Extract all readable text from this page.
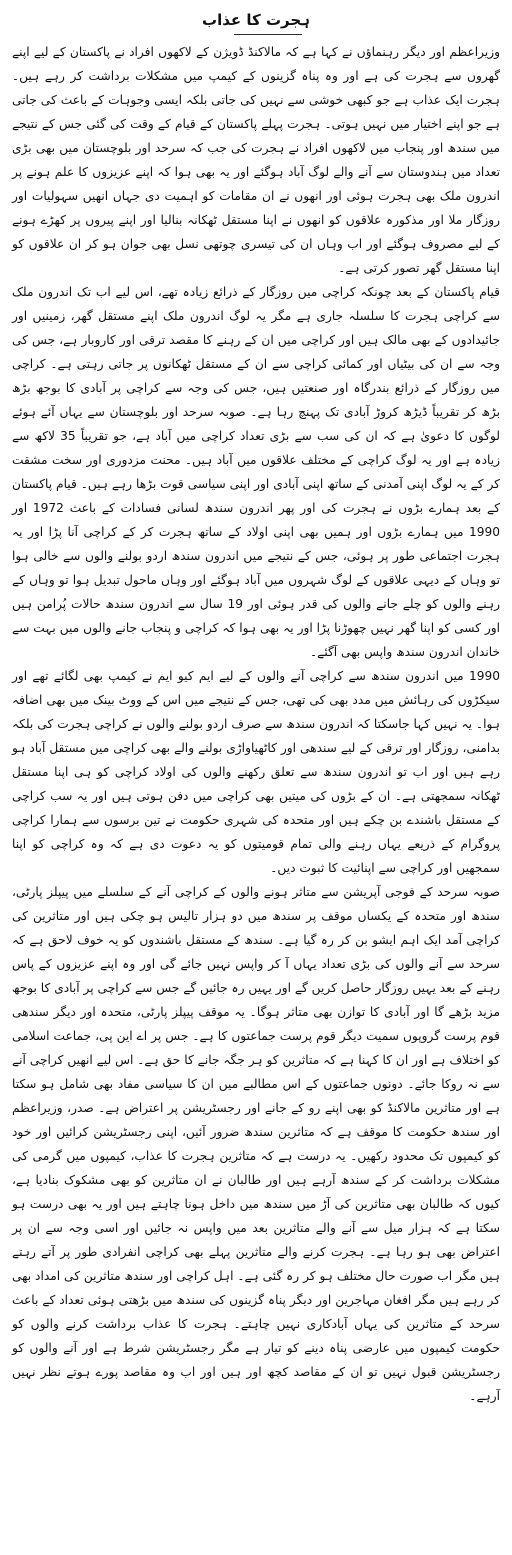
ہجرت کا عذاب

وزیراعظم اور دیگر رہنماؤں نے کہا ہے کہ مالاکنڈ ڈویژن کے لاکھوں افراد نے پاکستان کے لیے اپنے گھروں سے ہجرت کی ہے اور وہ پناہ گزینوں کے کیمپ میں مشکلات برداشت کر رہے ہیں۔ ہجرت ایک عذاب ہے جو کبھی خوشی سے نہیں کی جاتی بلکہ ایسی وجوہات کے باعث کی جاتی ہے جو اپنے اختیار میں نہیں ہوتی۔ ہجرت پہلے پاکستان کے قیام کے وقت کی گئی جس کے نتیجے میں سندھ اور پنجاب میں لاکھوں افراد نے ہجرت کی جب کہ سرحد اور بلوچستان میں بھی بڑی تعداد میں ہندوستان سے آنے والے لوگ آباد ہوگئے اور یہ بھی ہوا کہ اپنے عزیزوں کا علم ہونے پر اندرون ملک بھی ہجرت ہوئی اور انھوں نے ان مقامات کو اہمیت دی جہاں انھیں سہولیات اور روزگار ملا اور مذکورہ علاقوں کو انھوں نے اپنا مستقل ٹھکانہ بنالیا اور اپنے پیروں پر کھڑے ہونے کے لیے مصروف ہوگئے اور اب وہاں ان کی تیسری چوتھی نسل بھی جوان ہو کر ان علاقوں کو اپنا مستقل گھر تصور کرتی ہے۔

قیام پاکستان کے بعد چونکہ کراچی میں روزگار کے ذرائع زیادہ تھے، اس لیے اب تک اندرون ملک سے کراچی ہجرت کا سلسلہ جاری ہے مگر یہ لوگ اندرون ملک اپنے مستقل گھر، زمینیں اور جائیدادوں کے بھی مالک ہیں اور کراچی میں ان کے رہنے کا مقصد ترقی اور کاروبار ہے، جس کی وجہ سے ان کی بیٹیاں اور کمائی کراچی سے ان کے مستقل ٹھکانوں پر جاتی رہتی ہے۔ کراچی میں روزگار کے ذرائع بندرگاہ اور صنعتیں ہیں، جس کی وجہ سے کراچی پر آبادی کا بوجھ بڑھ بڑھ کر تقریباً ڈیڑھ کروڑ آبادی تک پہنچ رہا ہے۔ صوبہ سرحد اور بلوچستان سے یہاں آئے ہوئے لوگوں کا دعویٰ ہے کہ ان کی سب سے بڑی تعداد کراچی میں آباد ہے، جو تقریباً 35 لاکھ سے زیادہ ہے اور یہ لوگ کراچی کے مختلف علاقوں میں آباد ہیں۔ محنت مزدوری اور سخت مشقت کر کے یہ لوگ اپنی آمدنی کے ساتھ اپنی آبادی اور اپنی سیاسی قوت بڑھا رہے ہیں۔ قیام پاکستان کے بعد ہمارے بڑوں نے ہجرت کی اور پھر اندرون سندھ لسانی فسادات کے باعث 1972 اور 1990 میں ہمارے بڑوں اور ہمیں بھی اپنی اولاد کے ساتھ ہجرت کر کے کراچی آنا پڑا اور یہ ہجرت اجتماعی طور پر ہوئی، جس کے نتیجے میں اندرون سندھ اردو بولنے والوں سے خالی ہوا تو وہاں کے دیہی علاقوں کے لوگ شہروں میں آباد ہوگئے اور وہاں ماحول تبدیل ہوا تو وہاں کے رہنے والوں کو چلے جانے والوں کی قدر ہوئی اور 19 سال سے اندرون سندھ حالات پُرامن ہیں اور کسی کو اپنا گھر نہیں چھوڑنا پڑا اور یہ بھی ہوا کہ کراچی و پنجاب جانے والوں میں بہت سے خاندان اندرون سندھ واپس بھی آگئے۔

1990 میں اندرون سندھ سے کراچی آنے والوں کے لیے ایم کیو ایم نے کیمپ بھی لگائے تھے اور سیکڑوں کی رہائش میں مدد بھی کی تھی، جس کے نتیجے میں اس کے ووٹ بینک میں بھی اضافہ ہوا۔ یہ نہیں کہا جاسکتا کہ اندرون سندھ سے صرف اردو بولنے والوں نے کراچی ہجرت کی بلکہ بدامنی، روزگار اور ترقی کے لیے سندھی اور کاٹھیاواڑی بولنے والے بھی کراچی میں مستقل آباد ہو رہے ہیں اور اب تو اندرون سندھ سے تعلق رکھنے والوں کی اولاد کراچی کو ہی اپنا مستقل ٹھکانہ سمجھتی ہے۔ ان کے بڑوں کی میتیں بھی کراچی میں دفن ہوتی ہیں اور یہ سب کراچی کے مستقل باشندے بن چکے ہیں اور متحدہ کی شہری حکومت نے تین برسوں سے ہمارا کراچی پروگرام کے ذریعے یہاں رہنے والی تمام قومیتوں کو یہ دعوت دی ہے کہ وہ کراچی کو اپنا سمجھیں اور کراچی سے اپنائیت کا ثبوت دیں۔

صوبہ سرحد کے فوجی آپریشن سے متاثر ہونے والوں کے کراچی آنے کے سلسلے میں پیپلز پارٹی، سندھ اور متحدہ کے یکساں موقف پر سندھ میں دو ہزار تالیس ہو چکی ہیں اور متاثرین کی کراچی آمد ایک اہم ایشو بن کر رہ گیا ہے۔ سندھ کے مستقل باشندوں کو یہ خوف لاحق ہے کہ سرحد سے آنے والوں کی بڑی تعداد یہاں آ کر واپس نہیں جائے گی اور وہ اپنے عزیزوں کے پاس رہنے کے بعد یہیں روزگار حاصل کریں گے اور یہیں رہ جائیں گے جس سے کراچی پر آبادی کا بوجھ مزید بڑھے گا اور آبادی کا توازن بھی متاثر ہوگا۔ یہ موقف پیپلز پارٹی، متحدہ اور دیگر سندھی قوم پرست گروپوں سمیت دیگر قوم پرست جماعتوں کا ہے۔ جس پر اے این پی، جماعت اسلامی کو اختلاف ہے اور ان کا کہنا ہے کہ متاثرین کو ہر جگہ جانے کا حق ہے۔ اس لیے انھیں کراچی آنے سے نہ روکا جائے۔ دونوں جماعتوں کے اس مطالبے میں ان کا سیاسی مفاد بھی شامل ہو سکتا ہے اور متاثرین مالاکنڈ کو بھی اپنے رو کے جانے اور رجسٹریشن پر اعتراض ہے۔ صدر، وزیراعظم اور سندھ حکومت کا موقف ہے کہ متاثرین سندھ ضرور آئیں، اپنی رجسٹریشن کرائیں اور خود کو کیمپوں تک محدود رکھیں۔ یہ درست ہے کہ متاثرین ہجرت کا عذاب، کیمپوں میں گرمی کی مشکلات برداشت کر کے سندھ آرہے ہیں اور طالبان نے ان متاثرین کو بھی مشکوک بنادیا ہے، کیوں کہ طالبان بھی متاثرین کی آڑ میں سندھ میں داخل ہونا چاہتے ہیں اور یہ بھی درست ہو سکتا ہے کہ ہزار میل سے آنے والے متاثرین بعد میں واپس نہ جائیں اور اسی وجہ سے ان پر اعتراض بھی ہو رہا ہے۔ ہجرت کرنے والے متاثرین پہلے بھی کراچی انفرادی طور پر آتے رہتے ہیں مگر اب صورت حال مختلف ہو کر رہ گئی ہے۔ اہل کراچی اور سندھ متاثرین کی امداد بھی کر رہے ہیں مگر افغان مہاجرین اور دیگر پناہ گزینوں کی سندھ میں بڑھتی ہوئی تعداد کے باعث سرحد کے متاثرین کی یہاں آبادکاری نہیں چاہتے۔ ہجرت کا عذاب برداشت کرنے والوں کو حکومت کیمپوں میں عارضی پناہ دینے کو تیار ہے مگر رجسٹریشن شرط ہے اور آنے والوں کو رجسٹریشن قبول نہیں تو ان کے مقاصد کچھ اور ہیں اور اب وہ مقاصد پورے ہوتے نظر نہیں آرہے۔
